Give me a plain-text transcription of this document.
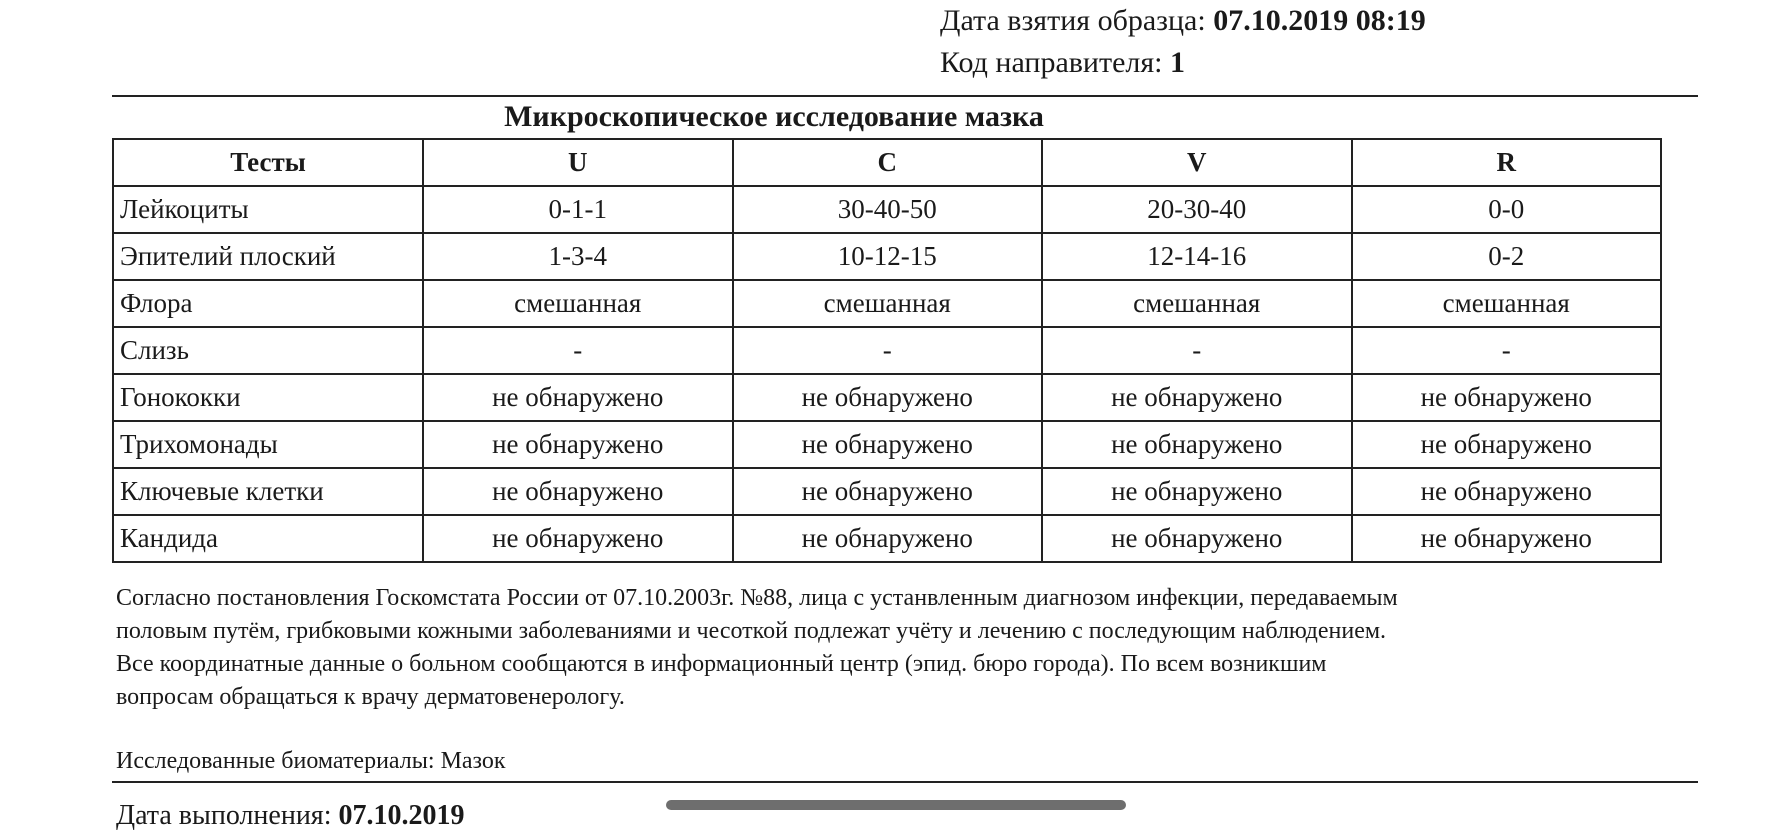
Дата взятия образца: 07.10.2019 08:19
Код направителя: 1
Микроскопическое исследование мазка
Тесты	U	C	V	R
Лейкоциты	0-1-1	30-40-50	20-30-40	0-0
Эпителий плоский	1-3-4	10-12-15	12-14-16	0-2
Флора	смешанная	смешанная	смешанная	смешанная
Слизь	-	-	-	-
Гонококки	не обнаружено	не обнаружено	не обнаружено	не обнаружено
Трихомонады	не обнаружено	не обнаружено	не обнаружено	не обнаружено
Ключевые клетки	не обнаружено	не обнаружено	не обнаружено	не обнаружено
Кандида	не обнаружено	не обнаружено	не обнаружено	не обнаружено
Согласно постановления Госкомстата России от 07.10.2003г. №88, лица с устанвленным диагнозом инфекции, передаваемым
половым путём, грибковыми кожными заболеваниями и чесоткой подлежат учёту и лечению с последующим наблюдением.
Все координатные данные о больном сообщаются в информационный центр (эпид. бюро города). По всем возникшим
вопросам обращаться к врачу дерматовенерологу.
Исследованные биоматериалы: Мазок
Дата выполнения: 07.10.2019
